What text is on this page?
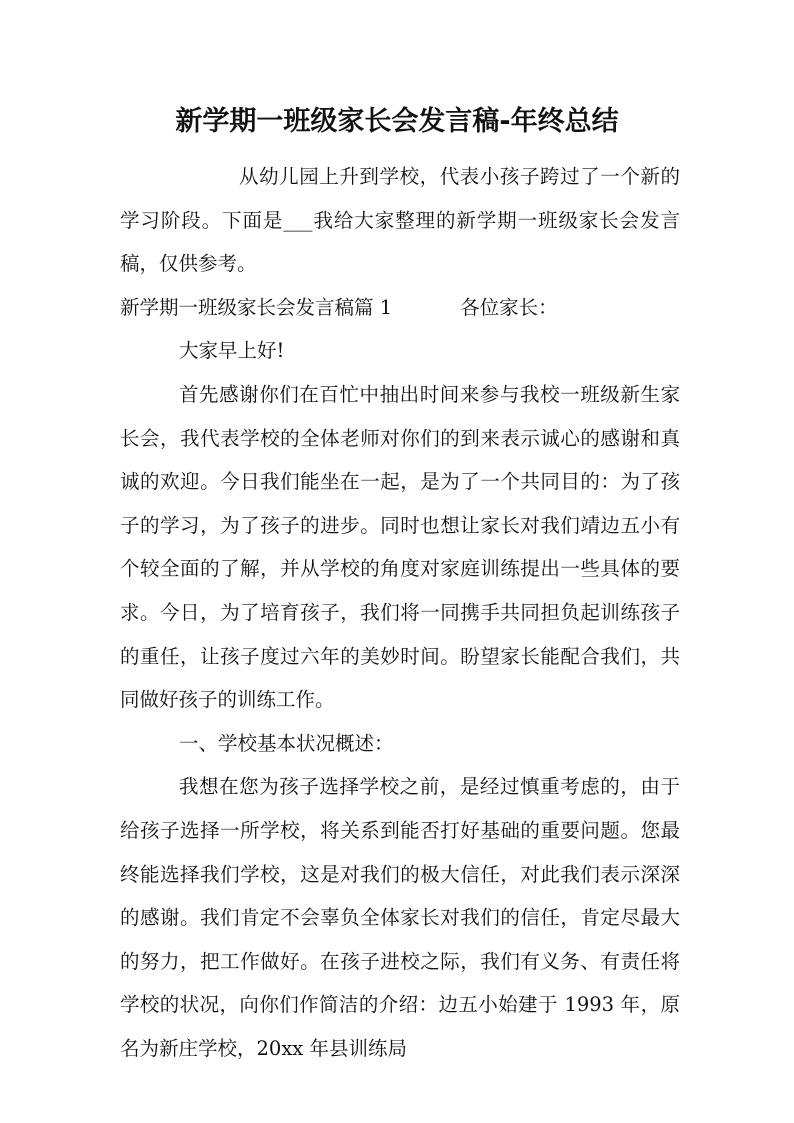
新学期一班级家长会发言稿-年终总结

从幼儿园上升到学校，代表小孩子跨过了一个新的学习阶段。下面是___我给大家整理的新学期一班级家长会发言稿，仅供参考。

新学期一班级家长会发言稿篇 1	各位家长：

大家早上好!

首先感谢你们在百忙中抽出时间来参与我校一班级新生家长会，我代表学校的全体老师对你们的到来表示诚心的感谢和真诚的欢迎。今日我们能坐在一起，是为了一个共同目的：为了孩子的学习，为了孩子的进步。同时也想让家长对我们靖边五小有个较全面的了解，并从学校的角度对家庭训练提出一些具体的要求。今日，为了培育孩子，我们将一同携手共同担负起训练孩子的重任，让孩子度过六年的美妙时间。盼望家长能配合我们，共同做好孩子的训练工作。

一、学校基本状况概述：

我想在您为孩子选择学校之前，是经过慎重考虑的，由于给孩子选择一所学校，将关系到能否打好基础的重要问题。您最终能选择我们学校，这是对我们的极大信任，对此我们表示深深的感谢。我们肯定不会辜负全体家长对我们的信任，肯定尽最大的努力，把工作做好。在孩子进校之际，我们有义务、有责任将学校的状况，向你们作简洁的介绍：边五小始建于 1993 年，原名为新庄学校，20xx 年县训练局
